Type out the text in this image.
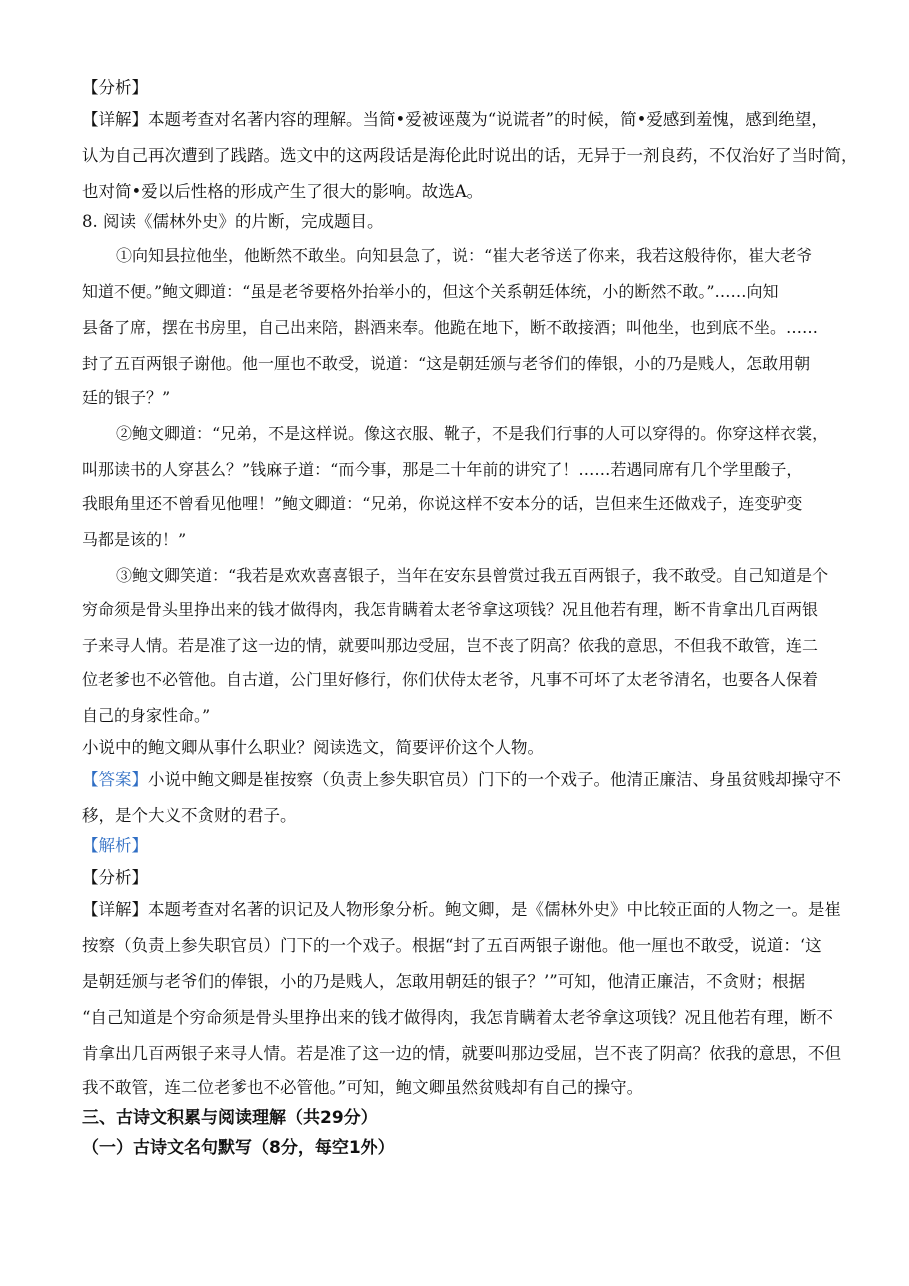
【分析】
【详解】本题考查对名著内容的理解。当简•爱被诬蔑为“说谎者”的时候，简•爱感到羞愧，感到绝望，
认为自己再次遭到了践踏。选文中的这两段话是海伦此时说出的话，无异于一剂良药，不仅治好了当时简，
也对简•爱以后性格的形成产生了很大的影响。故选A。
8. 阅读《儒林外史》的片断，完成题目。
①向知县拉他坐，他断然不敢坐。向知县急了，说：“崔大老爷送了你来，我若这般待你，崔大老爷
知道不便。”鲍文卿道：“虽是老爷要格外抬举小的，但这个关系朝廷体统，小的断然不敢。”……向知
县备了席，摆在书房里，自己出来陪，斟酒来奉。他跪在地下，断不敢接酒；叫他坐，也到底不坐。……
封了五百两银子谢他。他一厘也不敢受，说道：“这是朝廷颁与老爷们的俸银，小的乃是贱人，怎敢用朝
廷的银子？”
②鲍文卿道：“兄弟，不是这样说。像这衣服、靴子，不是我们行事的人可以穿得的。你穿这样衣裳，
叫那读书的人穿甚么？”钱麻子道：“而今事，那是二十年前的讲究了！……若遇同席有几个学里酸子，
我眼角里还不曾看见他哩！”鲍文卿道：“兄弟，你说这样不安本分的话，岂但来生还做戏子，连变驴变
马都是该的！”
③鲍文卿笑道：“我若是欢欢喜喜银子，当年在安东县曾赏过我五百两银子，我不敢受。自己知道是个
穷命须是骨头里挣出来的钱才做得肉，我怎肯瞒着太老爷拿这项钱？况且他若有理，断不肯拿出几百两银
子来寻人情。若是准了这一边的情，就要叫那边受屈，岂不丧了阴高？依我的意思，不但我不敢管，连二
位老爹也不必管他。自古道，公门里好修行，你们伏侍太老爷，凡事不可坏了太老爷清名，也要各人保着
自己的身家性命。”
小说中的鲍文卿从事什么职业？阅读选文，简要评价这个人物。
【答案】小说中鲍文卿是崔按察（负责上参失职官员）门下的一个戏子。他清正廉洁、身虽贫贱却操守不
移，是个大义不贪财的君子。
【解析】
【分析】
【详解】本题考查对名著的识记及人物形象分析。鲍文卿，是《儒林外史》中比较正面的人物之一。是崔
按察（负责上参失职官员）门下的一个戏子。根据“封了五百两银子谢他。他一厘也不敢受，说道：‘这
是朝廷颁与老爷们的俸银，小的乃是贱人，怎敢用朝廷的银子？’”可知，他清正廉洁，不贪财；根据
“自己知道是个穷命须是骨头里挣出来的钱才做得肉，我怎肯瞒着太老爷拿这项钱？况且他若有理，断不
肯拿出几百两银子来寻人情。若是准了这一边的情，就要叫那边受屈，岂不丧了阴高？依我的意思，不但
我不敢管，连二位老爹也不必管他。”可知，鲍文卿虽然贫贱却有自己的操守。
三、古诗文积累与阅读理解（共29分）
（一）古诗文名句默写（8分，每空1外）
